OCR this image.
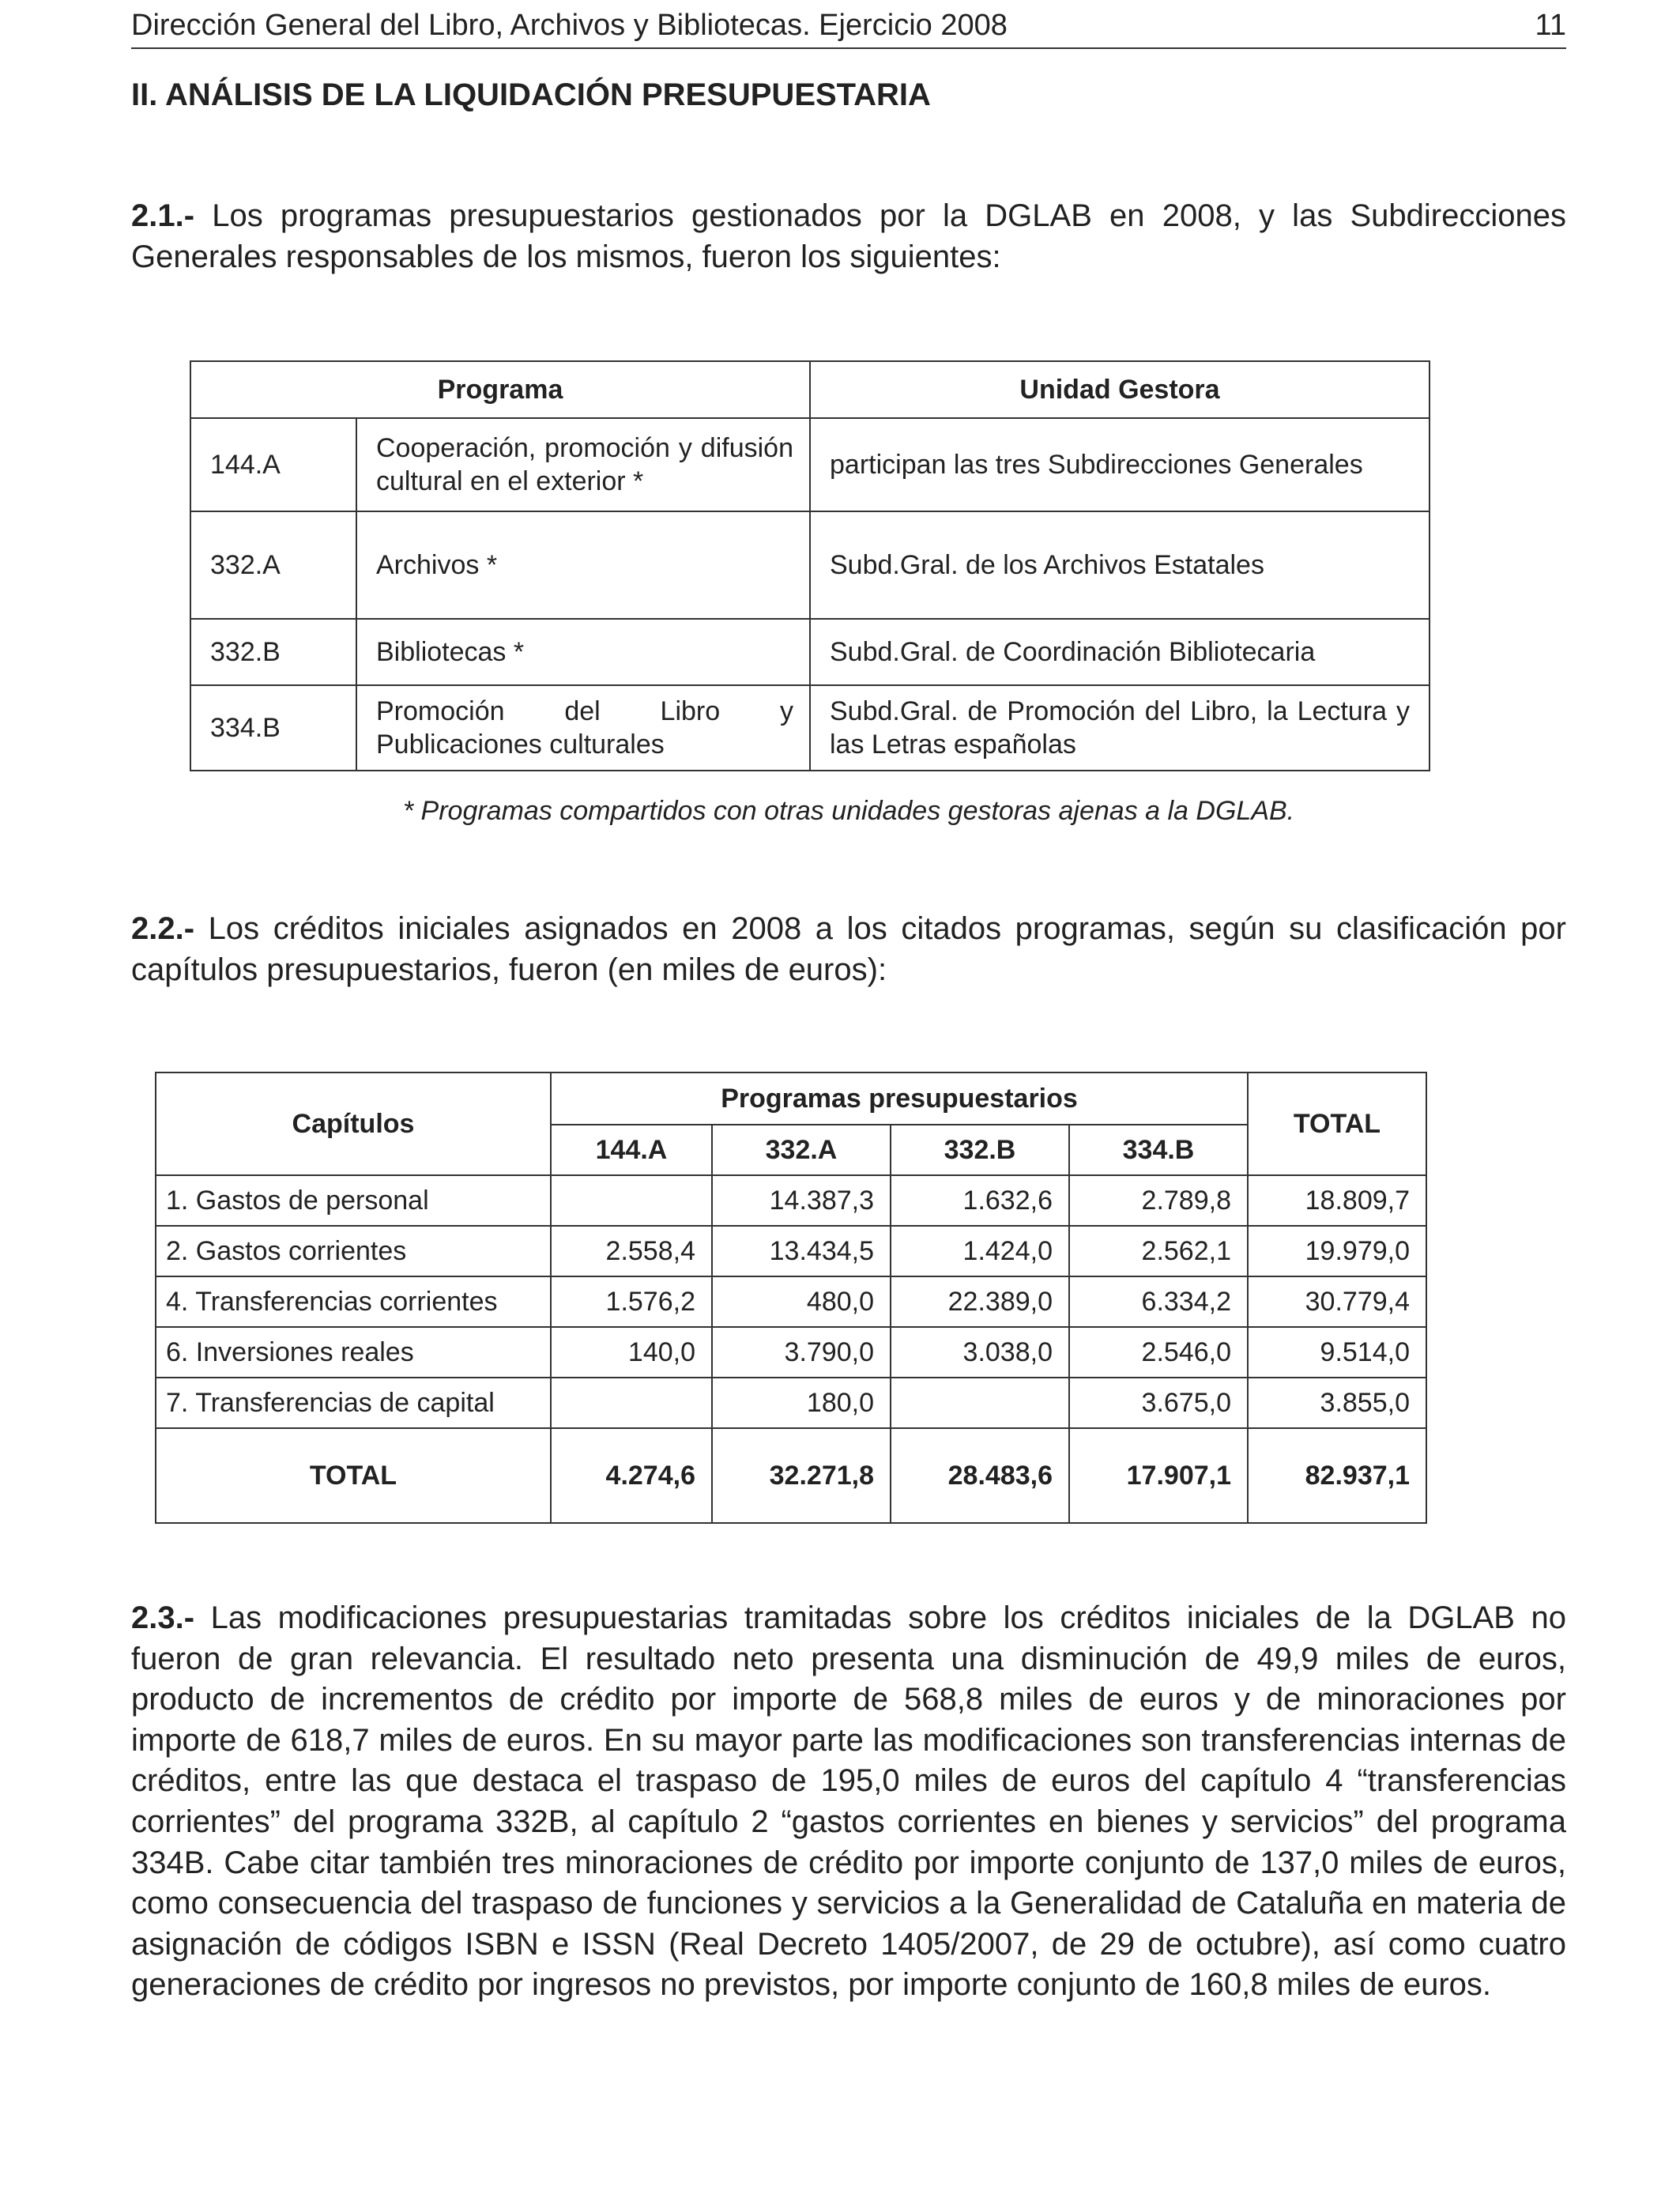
Dirección General del Libro, Archivos y Bibliotecas. Ejercicio 2008	11
II. ANÁLISIS DE LA LIQUIDACIÓN PRESUPUESTARIA
2.1.- Los programas presupuestarios gestionados por la DGLAB en 2008, y las Subdirecciones Generales responsables de los mismos, fueron los siguientes:
Programa		Unidad Gestora
144.A	Cooperación, promoción y difusión cultural en el exterior *	participan las tres Subdirecciones Generales
332.A	Archivos *	Subd.Gral. de los Archivos Estatales
332.B	Bibliotecas *	Subd.Gral. de Coordinación Bibliotecaria
334.B	Promoción del Libro y Publicaciones culturales	Subd.Gral. de Promoción del Libro, la Lectura y las Letras españolas
* Programas compartidos con otras unidades gestoras ajenas a la DGLAB.
2.2.- Los créditos iniciales asignados en 2008 a los citados programas, según su clasificación por capítulos presupuestarios, fueron (en miles de euros):
Capítulos	Programas presupuestarios				TOTAL
	144.A	332.A	332.B	334.B	
1. Gastos de personal		14.387,3	1.632,6	2.789,8	18.809,7
2. Gastos corrientes	2.558,4	13.434,5	1.424,0	2.562,1	19.979,0
4. Transferencias corrientes	1.576,2	480,0	22.389,0	6.334,2	30.779,4
6. Inversiones reales	140,0	3.790,0	3.038,0	2.546,0	9.514,0
7. Transferencias de capital		180,0		3.675,0	3.855,0
TOTAL	4.274,6	32.271,8	28.483,6	17.907,1	82.937,1
2.3.- Las modificaciones presupuestarias tramitadas sobre los créditos iniciales de la DGLAB no fueron de gran relevancia. El resultado neto presenta una disminución de 49,9 miles de euros, producto de incrementos de crédito por importe de 568,8 miles de euros y de minoraciones por importe de 618,7 miles de euros. En su mayor parte las modificaciones son transferencias internas de créditos, entre las que destaca el traspaso de 195,0 miles de euros del capítulo 4 “transferencias corrientes” del programa 332B, al capítulo 2 “gastos corrientes en bienes y servicios” del programa 334B. Cabe citar también tres minoraciones de crédito por importe conjunto de 137,0 miles de euros, como consecuencia del traspaso de funciones y servicios a la Generalidad de Cataluña en materia de asignación de códigos ISBN e ISSN (Real Decreto 1405/2007, de 29 de octubre), así como cuatro generaciones de crédito por ingresos no previstos, por importe conjunto de 160,8 miles de euros.
